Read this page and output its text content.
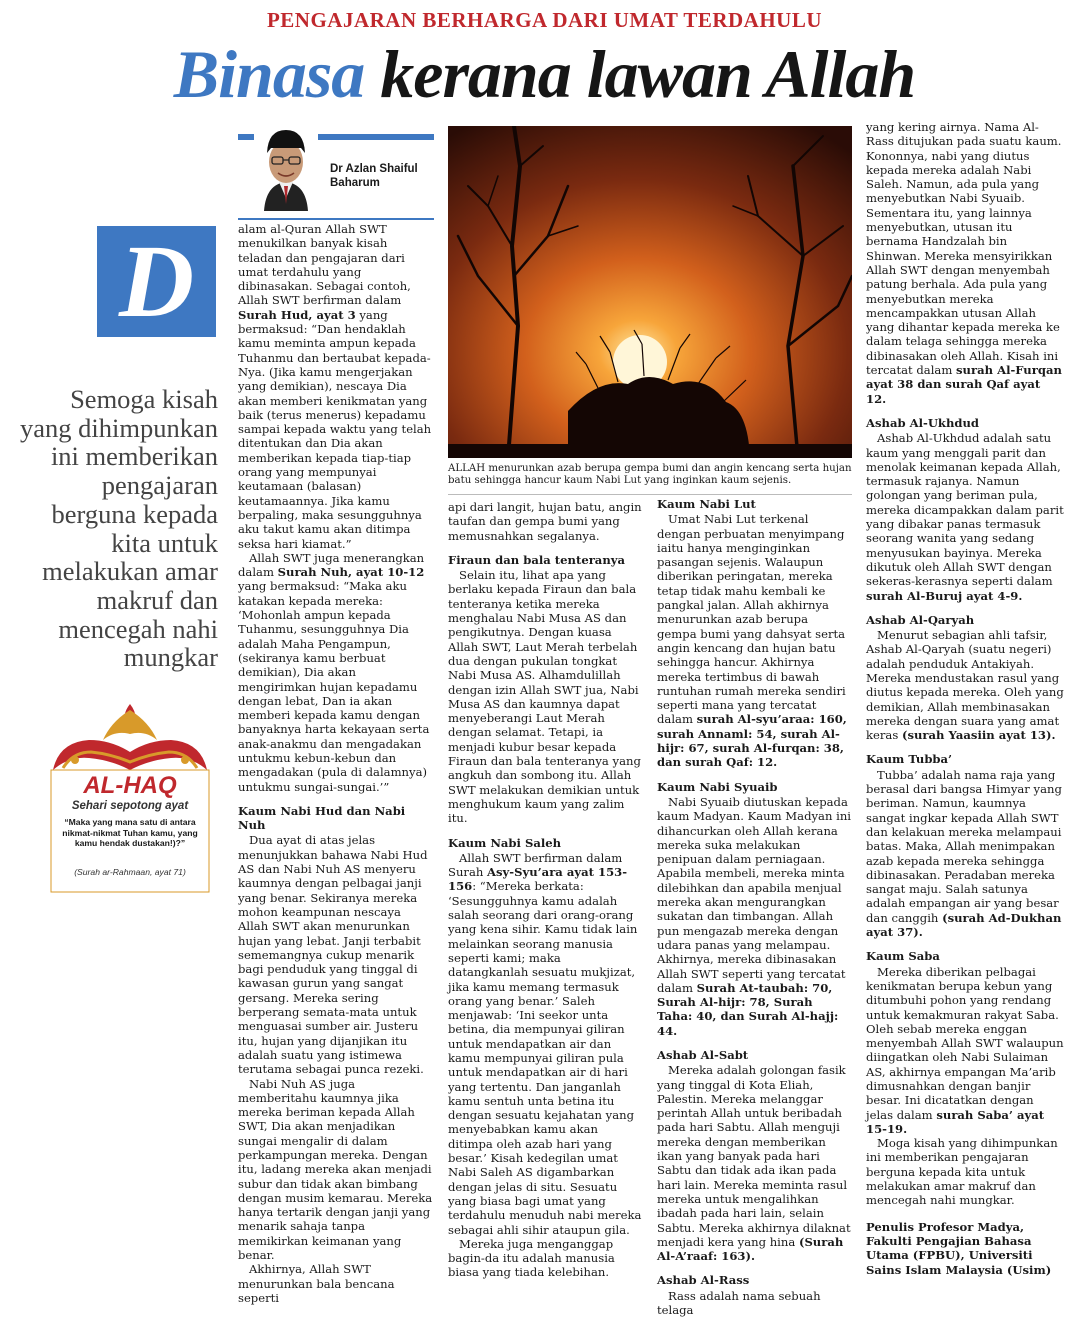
PENGAJARAN BERHARGA DARI UMAT TERDAHULU
Binasa kerana lawan Allah
Dr Azlan Shaiful
Baharum
D
Semoga kisah yang dihimpunkan ini memberikan pengajaran berguna kepada kita untuk melakukan amar makruf dan mencegah nahi mungkar
AL-HAQ
Sehari sepotong ayat
“Maka yang mana satu di antara nikmat-nikmat Tuhan kamu, yang kamu hendak dustakan!)?”
(Surah ar-Rahmaan, ayat 71)
ALLAH menurunkan azab berupa gempa bumi dan angin kencang serta hujan batu sehingga hancur kaum Nabi Lut yang inginkan kaum sejenis.

alam al-Quran Allah SWT menukilkan banyak kisah teladan dan pengajaran dari umat terdahulu yang dibinasakan. Sebagai contoh, Allah SWT berfirman dalam Surah Hud, ayat 3 yang bermaksud: “Dan hendaklah kamu meminta ampun kepada Tuhanmu dan bertaubat kepada-Nya. (Jika kamu mengerjakan yang demikian), nescaya Dia akan memberi kenikmatan yang baik (terus menerus) kepadamu sampai kepada waktu yang telah ditentukan dan Dia akan memberikan kepada tiap-tiap orang yang mempunyai keutamaan (balasan) keutamaannya. Jika kamu berpaling, maka sesungguhnya aku takut kamu akan ditimpa seksa hari kiamat.”

Allah SWT juga menerangkan dalam Surah Nuh, ayat 10-12 yang bermaksud: “Maka aku katakan kepada mereka: ‘Mohonlah ampun kepada Tuhanmu, sesungguhnya Dia adalah Maha Pengampun, (sekiranya kamu berbuat demikian), Dia akan mengirimkan hujan kepadamu dengan lebat, Dan ia akan memberi kepada kamu dengan banyaknya harta kekayaan serta anak-anakmu dan mengadakan untukmu kebun-kebun dan mengadakan (pula di dalamnya) untukmu sungai-sungai.’”

Kaum Nabi Hud dan Nabi Nuh

Dua ayat di atas jelas menunjukkan bahawa Nabi Hud AS dan Nabi Nuh AS menyeru kaumnya dengan pelbagai janji yang benar. Sekiranya mereka mohon keampunan nescaya Allah SWT akan menurunkan hujan yang lebat. Janji terbabit sememangnya cukup menarik bagi penduduk yang tinggal di kawasan gurun yang sangat gersang. Mereka sering berperang semata-mata untuk menguasai sumber air. Justeru itu, hujan yang dijanjikan itu adalah suatu yang istimewa terutama sebagai punca rezeki.

Nabi Nuh AS juga memberitahu kaumnya jika mereka beriman kepada Allah SWT, Dia akan menjadikan sungai mengalir di dalam perkampungan mereka. Dengan itu, ladang mereka akan menjadi subur dan tidak akan bimbang dengan musim kemarau. Mereka hanya tertarik dengan janji yang menarik sahaja tanpa memikirkan keimanan yang benar.

Akhirnya, Allah SWT menurunkan bala bencana seperti

api dari langit, hujan batu, angin taufan dan gempa bumi yang memusnahkan segalanya.

Firaun dan bala tenteranya

Selain itu, lihat apa yang berlaku kepada Firaun dan bala tenteranya ketika mereka menghalau Nabi Musa AS dan pengikutnya. Dengan kuasa Allah SWT, Laut Merah terbelah dua dengan pukulan tongkat Nabi Musa AS. Alhamdulillah dengan izin Allah SWT jua, Nabi Musa AS dan kaumnya dapat menyeberangi Laut Merah dengan selamat. Tetapi, ia menjadi kubur besar kepada Firaun dan bala tenteranya yang angkuh dan sombong itu. Allah SWT melakukan demikian untuk menghukum kaum yang zalim itu.

Kaum Nabi Saleh

Allah SWT berfirman dalam Surah Asy-Syu’ara ayat 153-156: “Mereka berkata: ‘Sesungguhnya kamu adalah salah seorang dari orang-orang yang kena sihir. Kamu tidak lain melainkan seorang manusia seperti kami; maka datangkanlah sesuatu mukjizat, jika kamu memang termasuk orang yang benar.’ Saleh menjawab: ‘Ini seekor unta betina, dia mempunyai giliran untuk mendapatkan air dan kamu mempunyai giliran pula untuk mendapatkan air di hari yang tertentu. Dan janganlah kamu sentuh unta betina itu dengan sesuatu kejahatan yang menyebabkan kamu akan ditimpa oleh azab hari yang besar.’ Kisah kedegilan umat Nabi Saleh AS digambarkan dengan jelas di situ. Sesuatu yang biasa bagi umat yang terdahulu menuduh nabi mereka sebagai ahli sihir ataupun gila.

Mereka juga menganggap bagin-da itu adalah manusia biasa yang tiada kelebihan.

Kaum Nabi Lut

Umat Nabi Lut terkenal dengan perbuatan menyimpang iaitu hanya menginginkan pasangan sejenis. Walaupun diberikan peringatan, mereka tetap tidak mahu kembali ke pangkal jalan. Allah akhirnya menurunkan azab berupa gempa bumi yang dahsyat serta angin kencang dan hujan batu sehingga hancur. Akhirnya mereka tertimbus di bawah runtuhan rumah mereka sendiri seperti mana yang tercatat dalam surah Al-syu’araa: 160, surah Annaml: 54, surah Al-hijr: 67, surah Al-furqan: 38, dan surah Qaf: 12.

Kaum Nabi Syuaib

Nabi Syuaib diutuskan kepada kaum Madyan. Kaum Madyan ini dihancurkan oleh Allah kerana mereka suka melakukan penipuan dalam perniagaan. Apabila membeli, mereka minta dilebihkan dan apabila menjual mereka akan mengurangkan sukatan dan timbangan. Allah pun mengazab mereka dengan udara panas yang melampau. Akhirnya, mereka dibinasakan Allah SWT seperti yang tercatat dalam Surah At-taubah: 70, Surah Al-hijr: 78, Surah Taha: 40, dan Surah Al-hajj: 44.

Ashab Al-Sabt

Mereka adalah golongan fasik yang tinggal di Kota Eliah, Palestin. Mereka melanggar perintah Allah untuk beribadah pada hari Sabtu. Allah menguji mereka dengan memberikan ikan yang banyak pada hari Sabtu dan tidak ada ikan pada hari lain. Mereka meminta rasul mereka untuk mengalihkan ibadah pada hari lain, selain Sabtu. Mereka akhirnya dilaknat menjadi kera yang hina (Surah Al-A’raaf: 163).

Ashab Al-Rass

Rass adalah nama sebuah telaga

yang kering airnya. Nama Al-Rass ditujukan pada suatu kaum. Kononnya, nabi yang diutus kepada mereka adalah Nabi Saleh. Namun, ada pula yang menyebutkan Nabi Syuaib. Sementara itu, yang lainnya menyebutkan, utusan itu bernama Handzalah bin Shinwan. Mereka mensyirikkan Allah SWT dengan menyembah patung berhala. Ada pula yang menyebutkan mereka mencampakkan utusan Allah yang dihantar kepada mereka ke dalam telaga sehingga mereka dibinasakan oleh Allah. Kisah ini tercatat dalam surah Al-Furqan ayat 38 dan surah Qaf ayat 12.

Ashab Al-Ukhdud

Ashab Al-Ukhdud adalah satu kaum yang menggali parit dan menolak keimanan kepada Allah, termasuk rajanya. Namun golongan yang beriman pula, mereka dicampakkan dalam parit yang dibakar panas termasuk seorang wanita yang sedang menyusukan bayinya. Mereka dikutuk oleh Allah SWT dengan sekeras-kerasnya seperti dalam surah Al-Buruj ayat 4-9.

Ashab Al-Qaryah

Menurut sebagian ahli tafsir, Ashab Al-Qaryah (suatu negeri) adalah penduduk Antakiyah. Mereka mendustakan rasul yang diutus kepada mereka. Oleh yang demikian, Allah membinasakan mereka dengan suara yang amat keras (surah Yaasiin ayat 13).

Kaum Tubba’

Tubba’ adalah nama raja yang berasal dari bangsa Himyar yang beriman. Namun, kaumnya sangat ingkar kepada Allah SWT dan kelakuan mereka melampaui batas. Maka, Allah menimpakan azab kepada mereka sehingga dibinasakan. Peradaban mereka sangat maju. Salah satunya adalah empangan air yang besar dan canggih (surah Ad-Dukhan ayat 37).

Kaum Saba

Mereka diberikan pelbagai kenikmatan berupa kebun yang ditumbuhi pohon yang rendang untuk kemakmuran rakyat Saba. Oleh sebab mereka enggan menyembah Allah SWT walaupun diingatkan oleh Nabi Sulaiman AS, akhirnya empangan Ma’arib dimusnahkan dengan banjir besar. Ini dicatatkan dengan jelas dalam surah Saba’ ayat 15-19.

Moga kisah yang dihimpunkan ini memberikan pengajaran berguna kepada kita untuk melakukan amar makruf dan mencegah nahi mungkar.

Penulis Profesor Madya, Fakulti Pengajian Bahasa Utama (FPBU), Universiti Sains Islam Malaysia (Usim)
